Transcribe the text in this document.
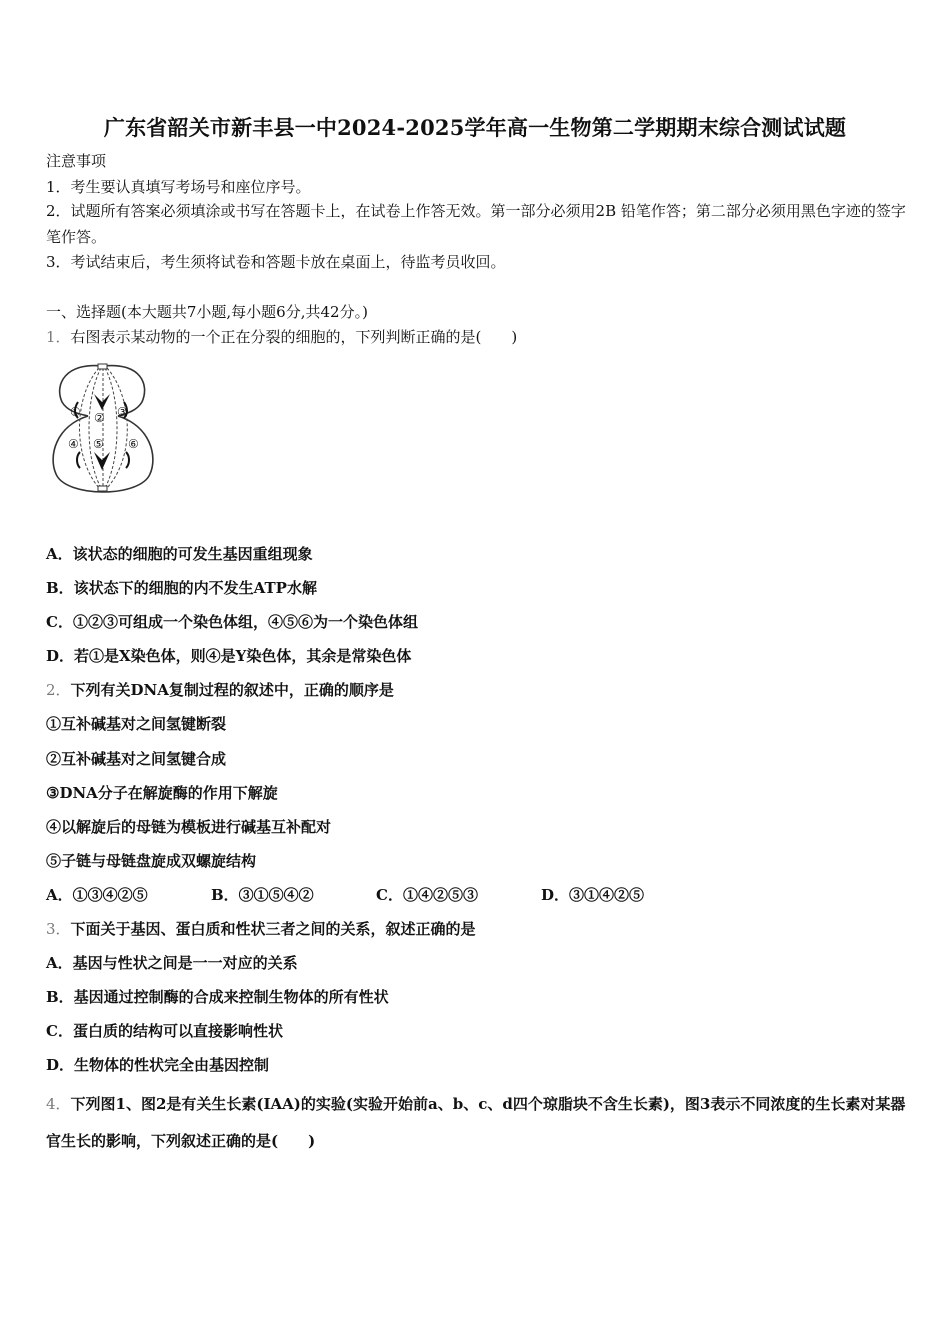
广东省韶关市新丰县一中2024-2025学年高一生物第二学期期末综合测试试题
注意事项
1．考生要认真填写考场号和座位序号。
2．试题所有答案必须填涂或书写在答题卡上，在试卷上作答无效。第一部分必须用2B 铅笔作答；第二部分必须用黑色字迹的签字笔作答。
3．考试结束后，考生须将试卷和答题卡放在桌面上，待监考员收回。
一、选择题(本大题共7小题,每小题6分,共42分。)
1．右图表示某动物的一个正在分裂的细胞的，下列判断正确的是(　　)
① ② ③
④ ⑤ ⑥
A．该状态的细胞的可发生基因重组现象
B．该状态下的细胞的内不发生ATP水解
C．①②③可组成一个染色体组，④⑤⑥为一个染色体组
D．若①是X染色体，则④是Y染色体，其余是常染色体
2．下列有关DNA复制过程的叙述中，正确的顺序是
①互补碱基对之间氢键断裂
②互补碱基对之间氢键合成
③DNA分子在解旋酶的作用下解旋
④以解旋后的母链为模板进行碱基互补配对
⑤子链与母链盘旋成双螺旋结构
A．①③④②⑤	B．③①⑤④②	C．①④②⑤③	D．③①④②⑤
3．下面关于基因、蛋白质和性状三者之间的关系，叙述正确的是
A．基因与性状之间是一一对应的关系
B．基因通过控制酶的合成来控制生物体的所有性状
C．蛋白质的结构可以直接影响性状
D．生物体的性状完全由基因控制
4．下列图1、图2是有关生长素(IAA)的实验(实验开始前a、b、c、d四个琼脂块不含生长素)，图3表示不同浓度的生长素对某器官生长的影响，下列叙述正确的是(　　)
